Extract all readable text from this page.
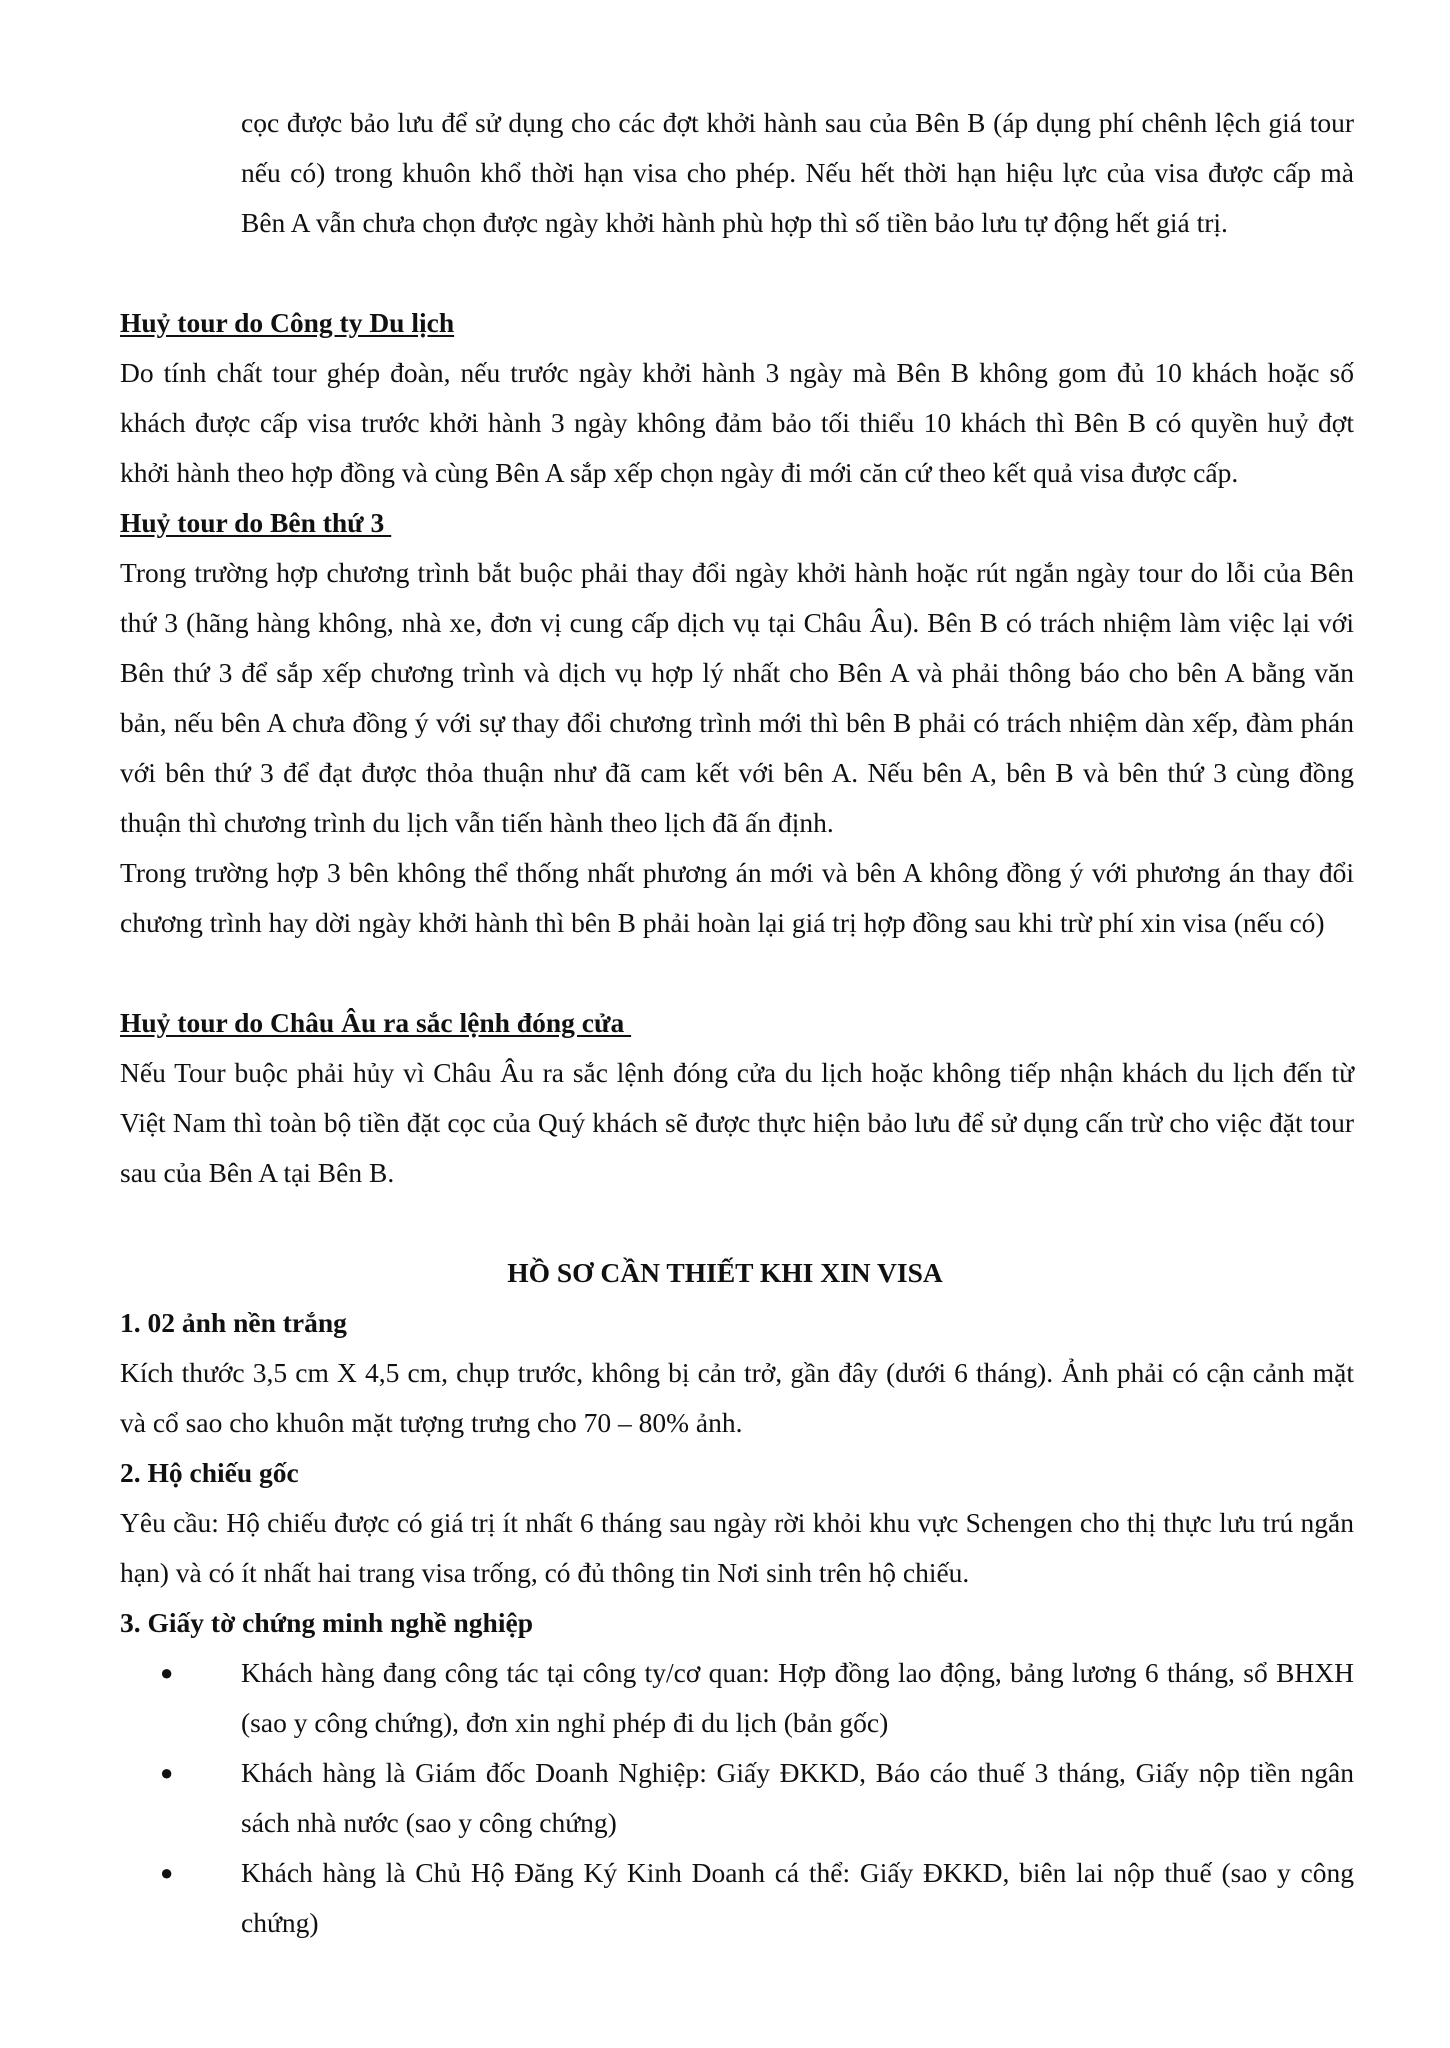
cọc được bảo lưu để sử dụng cho các đợt khởi hành sau của Bên B (áp dụng phí chênh lệch giá tour nếu có) trong khuôn khổ thời hạn visa cho phép. Nếu hết thời hạn hiệu lực của visa được cấp mà Bên A vẫn chưa chọn được ngày khởi hành phù hợp thì số tiền bảo lưu tự động hết giá trị.

Huỷ tour do Công ty Du lịch

Do tính chất tour ghép đoàn, nếu trước ngày khởi hành 3 ngày mà Bên B không gom đủ 10 khách hoặc số khách được cấp visa trước khởi hành 3 ngày không đảm bảo tối thiểu 10 khách thì Bên B có quyền huỷ đợt khởi hành theo hợp đồng và cùng Bên A sắp xếp chọn ngày đi mới căn cứ theo kết quả visa được cấp.

Huỷ tour do Bên thứ 3

Trong trường hợp chương trình bắt buộc phải thay đổi ngày khởi hành hoặc rút ngắn ngày tour do lỗi của Bên thứ 3 (hãng hàng không, nhà xe, đơn vị cung cấp dịch vụ tại Châu Âu). Bên B có trách nhiệm làm việc lại với Bên thứ 3 để sắp xếp chương trình và dịch vụ hợp lý nhất cho Bên A và phải thông báo cho bên A bằng văn bản, nếu bên A chưa đồng ý với sự thay đổi chương trình mới thì bên B phải có trách nhiệm dàn xếp, đàm phán với bên thứ 3 để đạt được thỏa thuận như đã cam kết với bên A. Nếu bên A, bên B và bên thứ 3 cùng đồng thuận thì chương trình du lịch vẫn tiến hành theo lịch đã ấn định.

Trong trường hợp 3 bên không thể thống nhất phương án mới và bên A không đồng ý với phương án thay đổi chương trình hay dời ngày khởi hành thì bên B phải hoàn lại giá trị hợp đồng sau khi trừ phí xin visa (nếu có)

Huỷ tour do Châu Âu ra sắc lệnh đóng cửa

Nếu Tour buộc phải hủy vì Châu Âu ra sắc lệnh đóng cửa du lịch hoặc không tiếp nhận khách du lịch đến từ Việt Nam thì toàn bộ tiền đặt cọc của Quý khách sẽ được thực hiện bảo lưu để sử dụng cấn trừ cho việc đặt tour sau của Bên A tại Bên B.

HỒ SƠ CẦN THIẾT KHI XIN VISA

1. 02 ảnh nền trắng

Kích thước 3,5 cm X 4,5 cm, chụp trước, không bị cản trở, gần đây (dưới 6 tháng). Ảnh phải có cận cảnh mặt và cổ sao cho khuôn mặt tượng trưng cho 70 – 80% ảnh.

2. Hộ chiếu gốc

Yêu cầu: Hộ chiếu được có giá trị ít nhất 6 tháng sau ngày rời khỏi khu vực Schengen cho thị thực lưu trú ngắn hạn) và có ít nhất hai trang visa trống, có đủ thông tin Nơi sinh trên hộ chiếu.

3. Giấy tờ chứng minh nghề nghiệp

● Khách hàng đang công tác tại công ty/cơ quan: Hợp đồng lao động, bảng lương 6 tháng, sổ BHXH (sao y công chứng), đơn xin nghỉ phép đi du lịch (bản gốc)

● Khách hàng là Giám đốc Doanh Nghiệp: Giấy ĐKKD, Báo cáo thuế 3 tháng, Giấy nộp tiền ngân sách nhà nước (sao y công chứng)

● Khách hàng là Chủ Hộ Đăng Ký Kinh Doanh cá thể: Giấy ĐKKD, biên lai nộp thuế (sao y công chứng)
